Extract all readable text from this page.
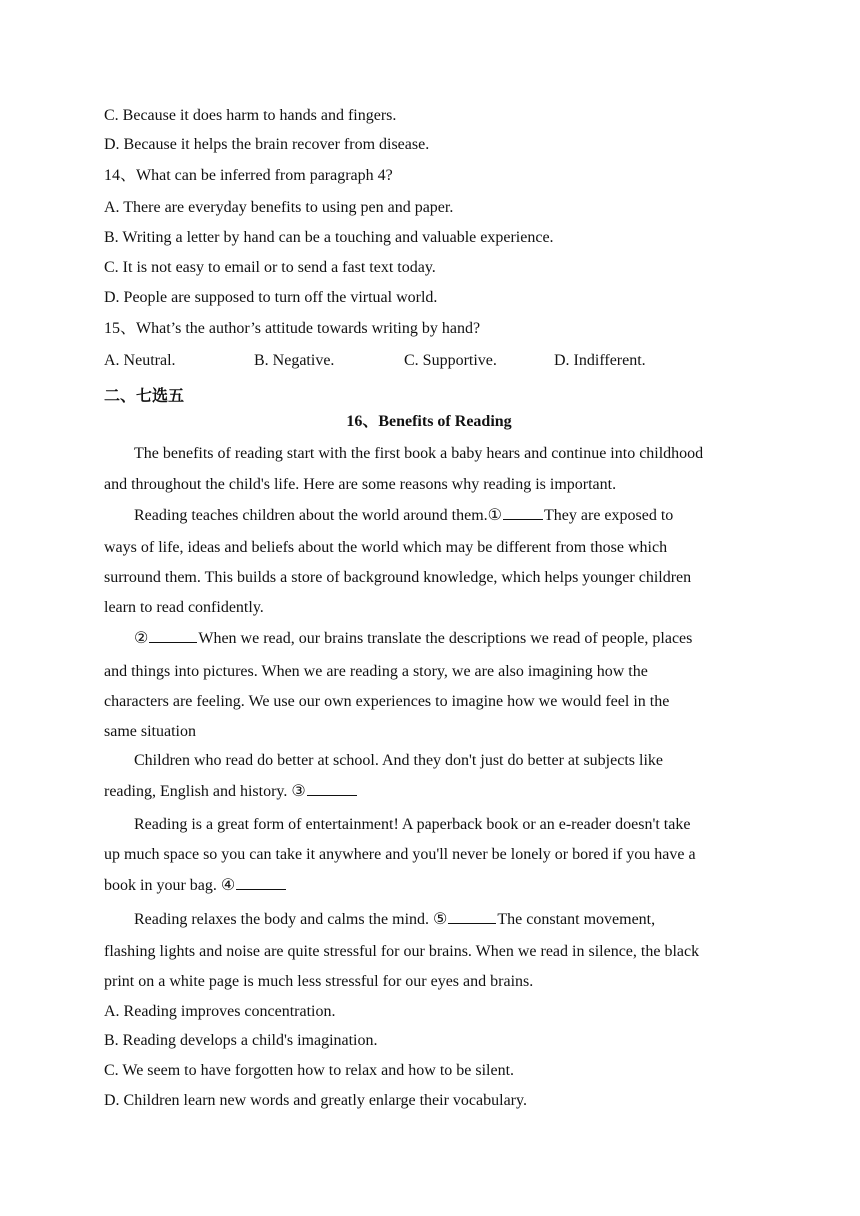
C. Because it does harm to hands and fingers.
D. Because it helps the brain recover from disease.
14、What can be inferred from paragraph 4?
A. There are everyday benefits to using pen and paper.
B. Writing a letter by hand can be a touching and valuable experience.
C. It is not easy to email or to send a fast text today.
D. People are supposed to turn off the virtual world.
15、What’s the author’s attitude towards writing by hand?
A. Neutral.	B. Negative.	C. Supportive.	D. Indifferent.
二、七选五
16、Benefits of Reading
The benefits of reading start with the first book a baby hears and continue into childhood
and throughout the child's life. Here are some reasons why reading is important.
Reading teaches children about the world around them.①	They are exposed to
ways of life, ideas and beliefs about the world which may be different from those which
surround them. This builds a store of background knowledge, which helps younger children
learn to read confidently.
②	When we read, our brains translate the descriptions we read of people, places
and things into pictures. When we are reading a story, we are also imagining how the
characters are feeling. We use our own experiences to imagine how we would feel in the
same situation
Children who read do better at school. And they don't just do better at subjects like
reading, English and history. ③
Reading is a great form of entertainment! A paperback book or an e-reader doesn't take
up much space so you can take it anywhere and you'll never be lonely or bored if you have a
book in your bag. ④
Reading relaxes the body and calms the mind. ⑤	The constant movement,
flashing lights and noise are quite stressful for our brains. When we read in silence, the black
print on a white page is much less stressful for our eyes and brains.
A. Reading improves concentration.
B. Reading develops a child's imagination.
C. We seem to have forgotten how to relax and how to be silent.
D. Children learn new words and greatly enlarge their vocabulary.
